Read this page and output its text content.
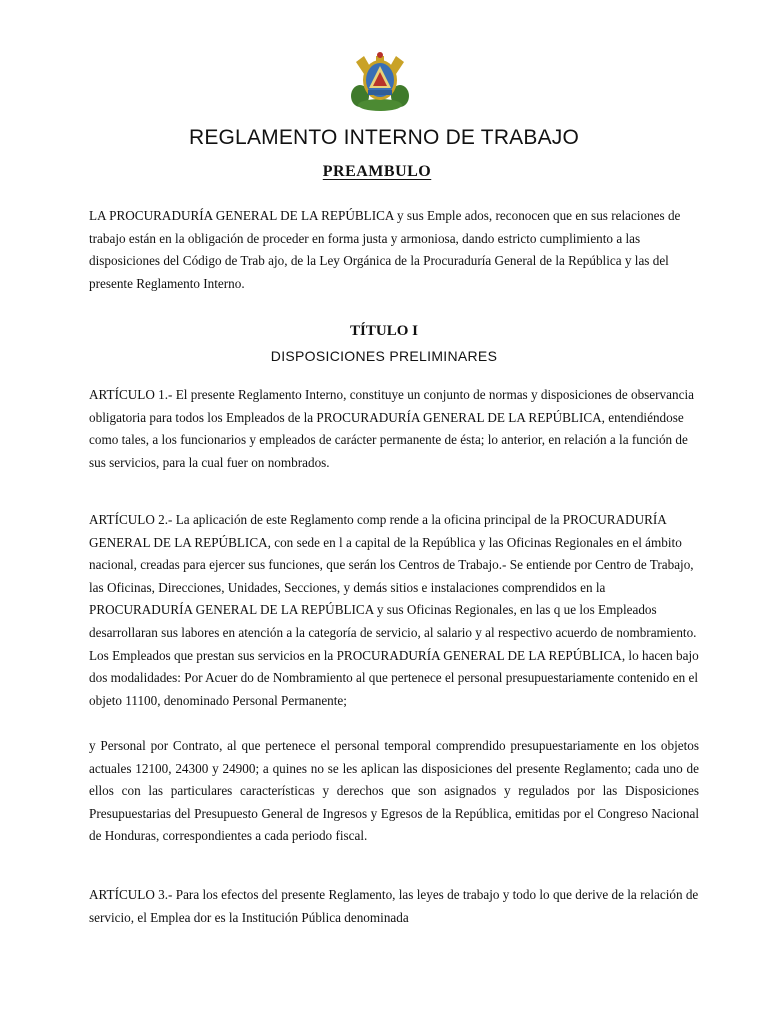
REGLAMENTO INTERNO DE TRABAJO

PREAMBULO

LA PROCURADURÍA GENERAL DE LA REPÚBLICA y sus Emple ados, reconocen que en sus relaciones de trabajo están en la obligación de proceder en forma justa y armoniosa, dando estricto cumplimiento a las disposiciones del Código de Trab ajo, de la Ley Orgánica de la Procuraduría General de la República y las del presente Reglamento Interno.

TÍTULO I

DISPOSICIONES PRELIMINARES

ARTÍCULO 1.- El presente Reglamento Interno, constituye un conjunto de normas y disposiciones de observancia obligatoria para todos los Empleados de la PROCURADURÍA GENERAL DE LA REPÚBLICA, entendiéndose como tales, a los funcionarios y empleados de carácter permanente de ésta; lo anterior, en relación a la función de sus servicios, para la cual fuer on nombrados.

ARTÍCULO 2.- La aplicación de este Reglamento comp rende a la oficina principal de la PROCURADURÍA GENERAL DE LA REPÚBLICA, con sede en l a capital de la República y las Oficinas Regionales en el ámbito nacional, creadas para ejercer sus funciones, que serán los Centros de Trabajo.- Se entiende por Centro de Trabajo, las Oficinas, Direcciones, Unidades, Secciones, y demás sitios e instalaciones comprendidos en la PROCURADURÍA GENERAL DE LA REPÚBLICA y sus Oficinas Regionales, en las q ue los Empleados desarrollaran sus labores en atención a la categoría de servicio, al salario y al respectivo acuerdo de nombramiento. Los Empleados que prestan sus servicios en la PROCURADURÍA GENERAL DE LA REPÚBLICA, lo hacen bajo dos modalidades: Por Acuer do de Nombramiento al que pertenece el personal presupuestariamente contenido en el objeto 11100, denominado Personal Permanente;

y Personal por Contrato, al que pertenece el personal temporal comprendido presupuestariamente en los objetos actuales 12100, 24300 y 24900; a quines no se les aplican las disposiciones del presente Reglamento; cada uno de ellos con las particulares características y derechos que son asignados y regulados por las Disposiciones Presupuestarias del Presupuesto General de Ingresos y Egresos de la República, emitidas por el Congreso Nacional de Honduras, correspondientes a cada periodo fiscal.

ARTÍCULO 3.- Para los efectos del presente Reglamento, las leyes de trabajo y todo lo que derive de la relación de servicio, el Emplea dor es la Institución Pública denominada
